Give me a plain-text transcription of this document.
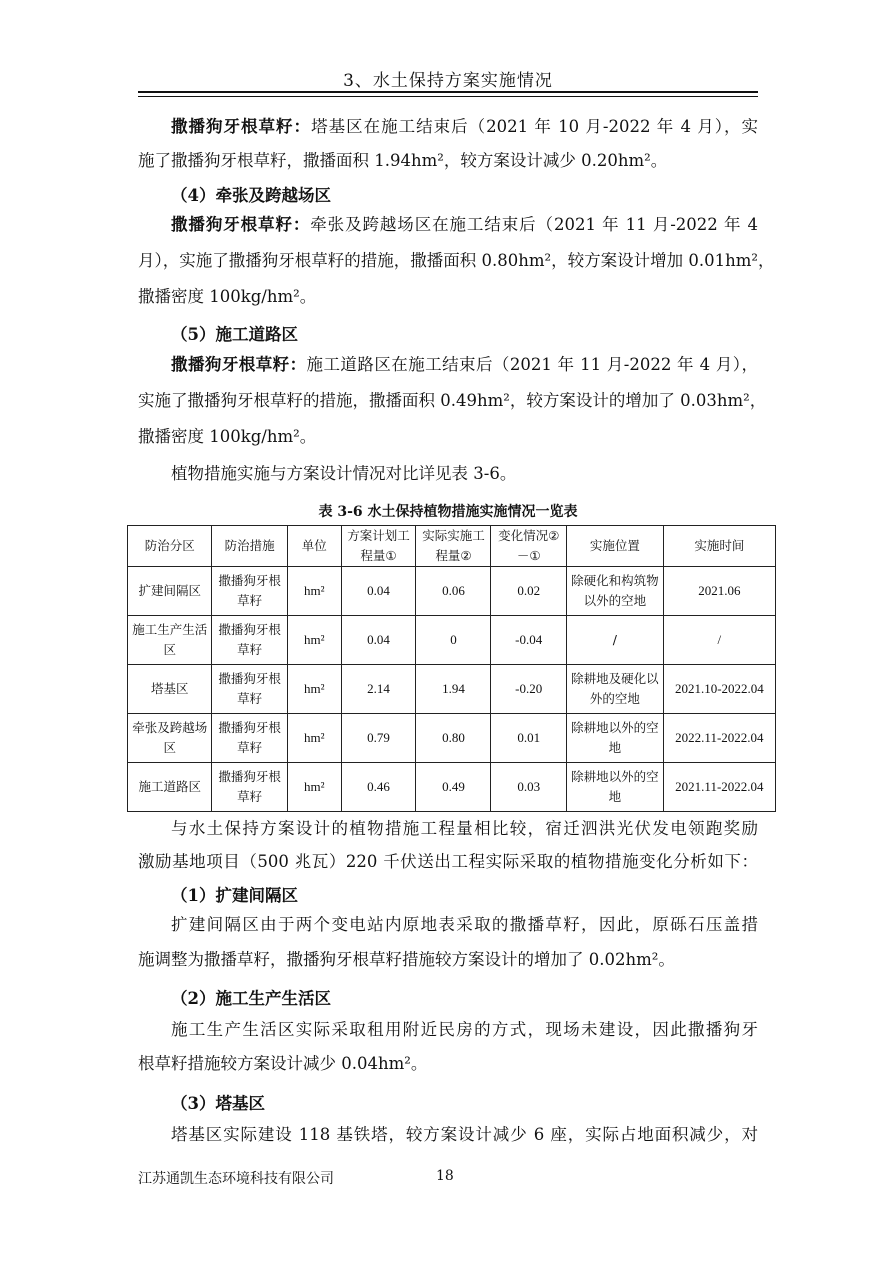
3、水土保持方案实施情况
撒播狗牙根草籽：塔基区在施工结束后（2021 年 10 月-2022 年 4 月），实
施了撒播狗牙根草籽，撒播面积 1.94hm²，较方案设计减少 0.20hm²。
（4）牵张及跨越场区
撒播狗牙根草籽：牵张及跨越场区在施工结束后（2021 年 11 月-2022 年 4
月），实施了撒播狗牙根草籽的措施，撒播面积 0.80hm²，较方案设计增加 0.01hm²，
撒播密度 100kg/hm²。
（5）施工道路区
撒播狗牙根草籽：施工道路区在施工结束后（2021 年 11 月-2022 年 4 月），
实施了撒播狗牙根草籽的措施，撒播面积 0.49hm²，较方案设计的增加了 0.03hm²，
撒播密度 100kg/hm²。
植物措施实施与方案设计情况对比详见表 3-6。
表 3-6 水土保持植物措施实施情况一览表
防治分区	防治措施	单位	方案计划工程量①	实际实施工程量②	变化情况②－①	实施位置	实施时间
扩建间隔区	撒播狗牙根草籽	hm²	0.04	0.06	0.02	除硬化和构筑物以外的空地	2021.06
施工生产生活区	撒播狗牙根草籽	hm²	0.04	0	-0.04	/	/
塔基区	撒播狗牙根草籽	hm²	2.14	1.94	-0.20	除耕地及硬化以外的空地	2021.10-2022.04
牵张及跨越场区	撒播狗牙根草籽	hm²	0.79	0.80	0.01	除耕地以外的空地	2022.11-2022.04
施工道路区	撒播狗牙根草籽	hm²	0.46	0.49	0.03	除耕地以外的空地	2021.11-2022.04
与水土保持方案设计的植物措施工程量相比较，宿迁泗洪光伏发电领跑奖励
激励基地项目（500 兆瓦）220 千伏送出工程实际采取的植物措施变化分析如下：
（1）扩建间隔区
扩建间隔区由于两个变电站内原地表采取的撒播草籽，因此，原砾石压盖措
施调整为撒播草籽，撒播狗牙根草籽措施较方案设计的增加了 0.02hm²。
（2）施工生产生活区
施工生产生活区实际采取租用附近民房的方式，现场未建设，因此撒播狗牙
根草籽措施较方案设计减少 0.04hm²。
（3）塔基区
塔基区实际建设 118 基铁塔，较方案设计减少 6 座，实际占地面积减少，对
江苏通凯生态环境科技有限公司	18
